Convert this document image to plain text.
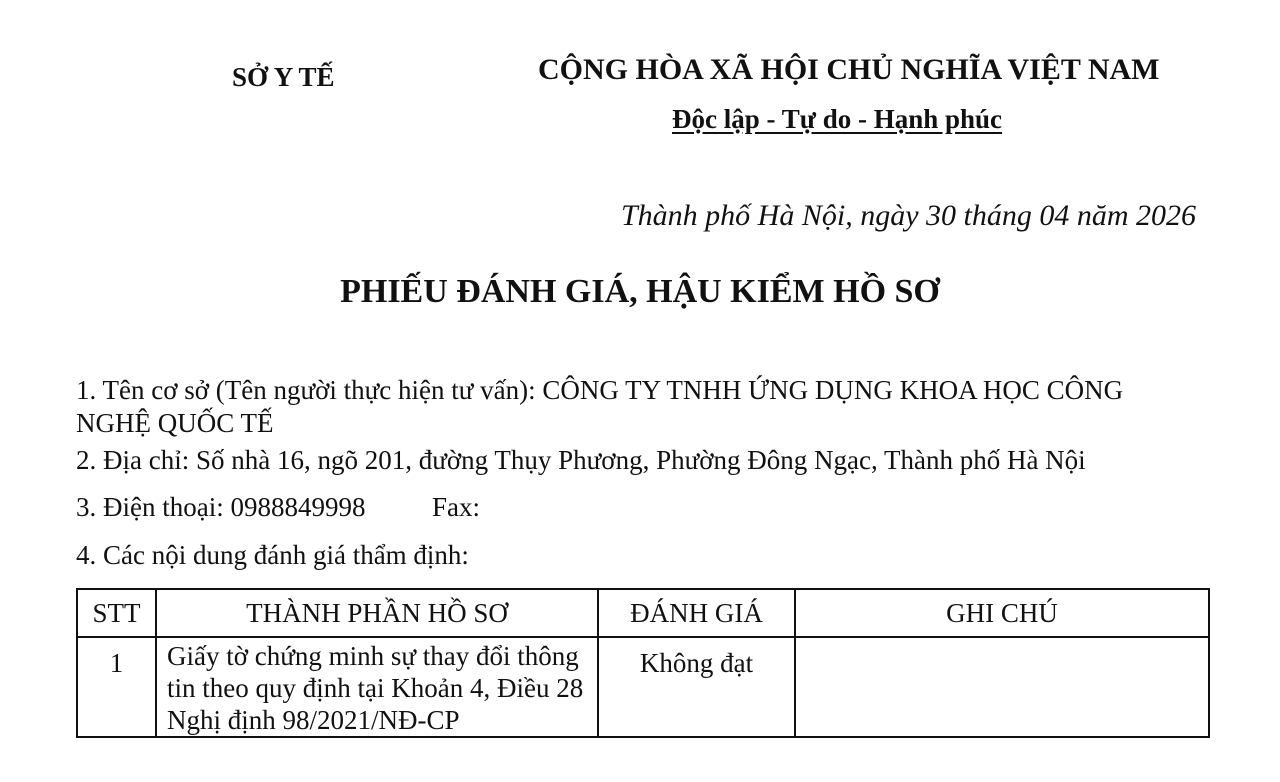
SỞ Y TẾ	CỘNG HÒA XÃ HỘI CHỦ NGHĨA VIỆT NAM
Độc lập - Tự do - Hạnh phúc
Thành phố Hà Nội, ngày 30 tháng 04 năm 2026
PHIẾU ĐÁNH GIÁ, HẬU KIỂM HỒ SƠ
1. Tên cơ sở (Tên người thực hiện tư vấn): CÔNG TY TNHH ỨNG DỤNG KHOA HỌC CÔNG
NGHỆ QUỐC TẾ
2. Địa chỉ: Số nhà 16, ngõ 201, đường Thụy Phương, Phường Đông Ngạc, Thành phố Hà Nội
3. Điện thoại: 0988849998 Fax:
4. Các nội dung đánh giá thẩm định:
STT	THÀNH PHẦN HỒ SƠ	ĐÁNH GIÁ	GHI CHÚ

1	Giấy tờ chứng minh sự thay đổi thông tin theo quy định tại Khoản 4, Điều 28 Nghị định 98/2021/NĐ-CP	Không đạt	
